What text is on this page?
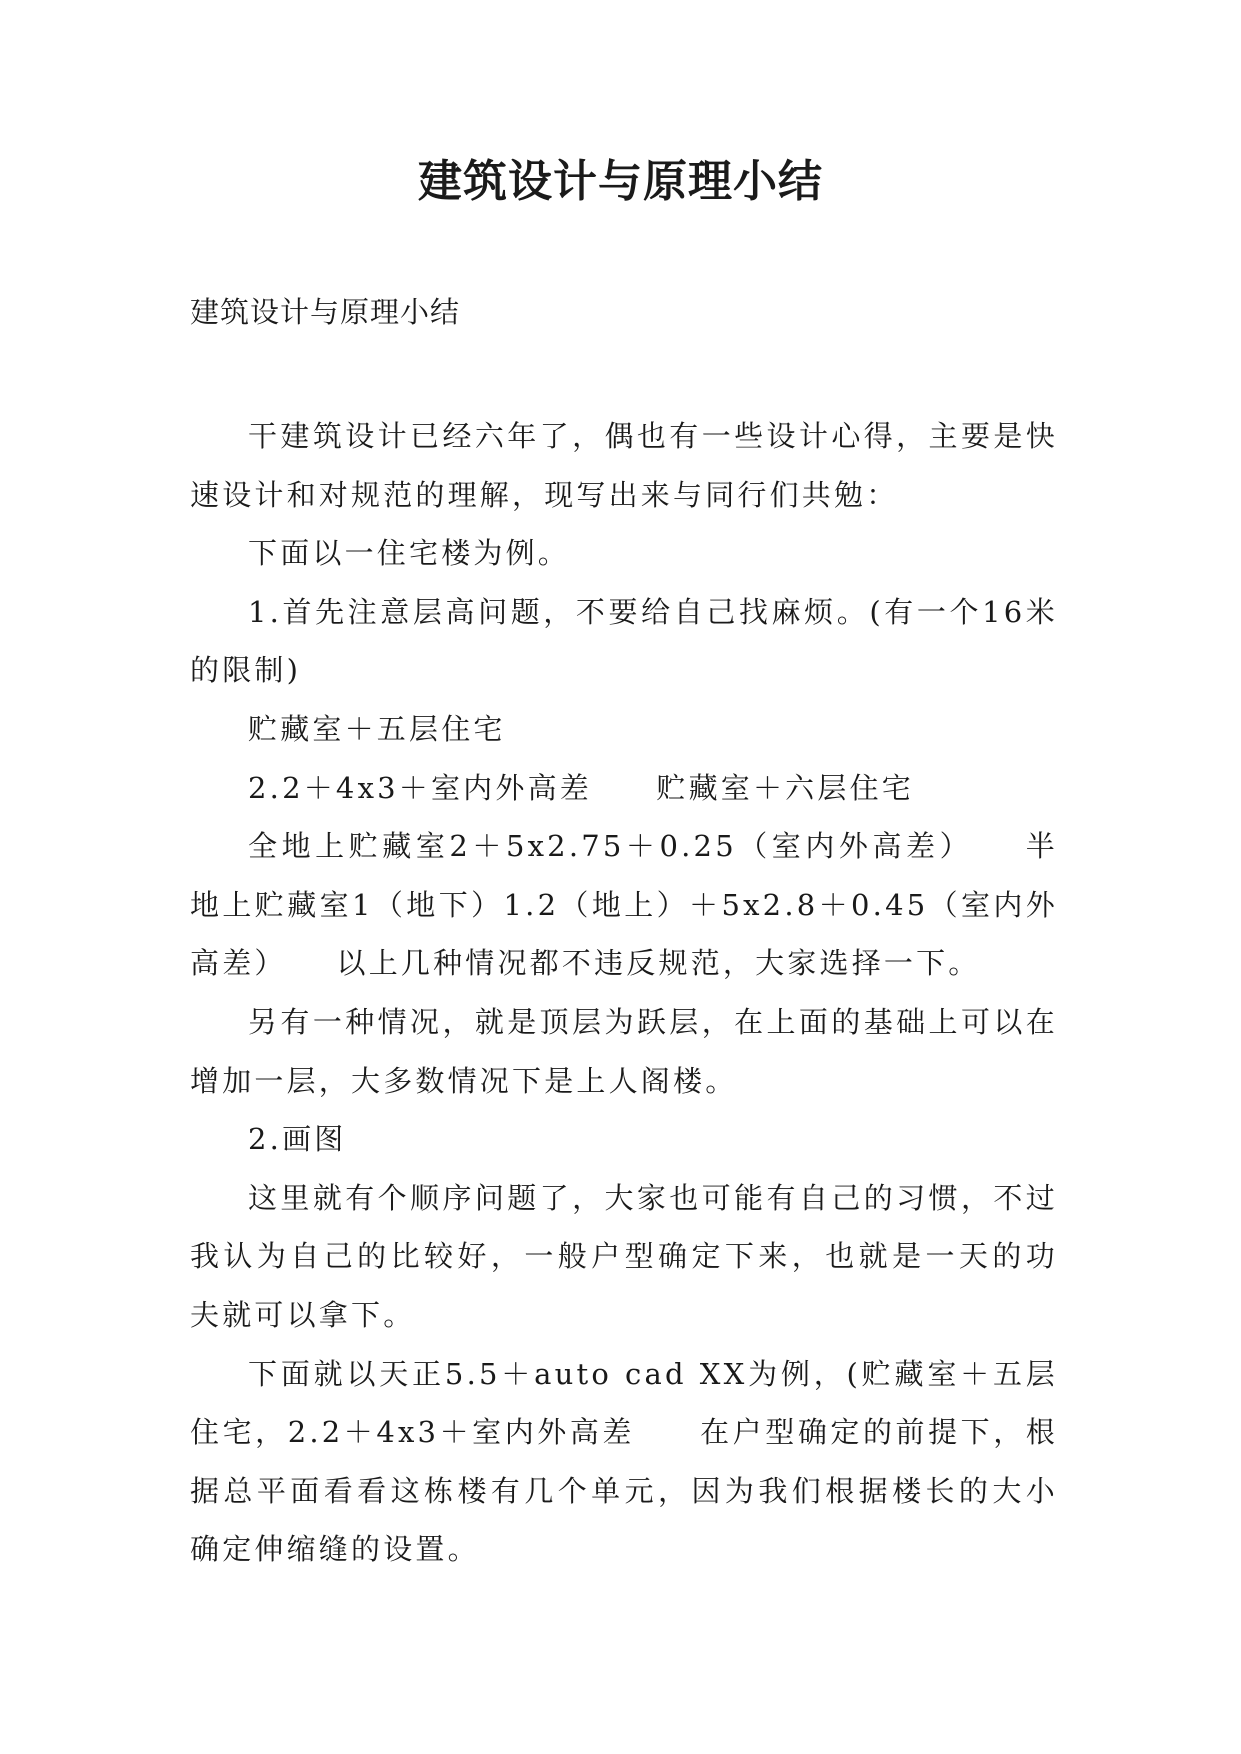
建筑设计与原理小结
建筑设计与原理小结

干建筑设计已经六年了，偶也有一些设计心得，主要是快速设计和对规范的理解，现写出来与同行们共勉：

下面以一住宅楼为例。

1.首先注意层高问题，不要给自己找麻烦。(有一个16米的限制)

贮藏室＋五层住宅

2.2＋4x3＋室内外高差　　贮藏室＋六层住宅

全地上贮藏室2＋5x2.75＋0.25（室内外高差）　　半地上贮藏室1（地下）1.2（地上）＋5x2.8＋0.45（室内外高差）　　以上几种情况都不违反规范，大家选择一下。

另有一种情况，就是顶层为跃层，在上面的基础上可以在增加一层，大多数情况下是上人阁楼。

2.画图

这里就有个顺序问题了，大家也可能有自己的习惯，不过我认为自己的比较好，一般户型确定下来，也就是一天的功夫就可以拿下。

下面就以天正5.5＋auto cad XX为例，(贮藏室＋五层住宅，2.2＋4x3＋室内外高差　　在户型确定的前提下，根据总平面看看这栋楼有几个单元，因为我们根据楼长的大小确定伸缩缝的设置。
